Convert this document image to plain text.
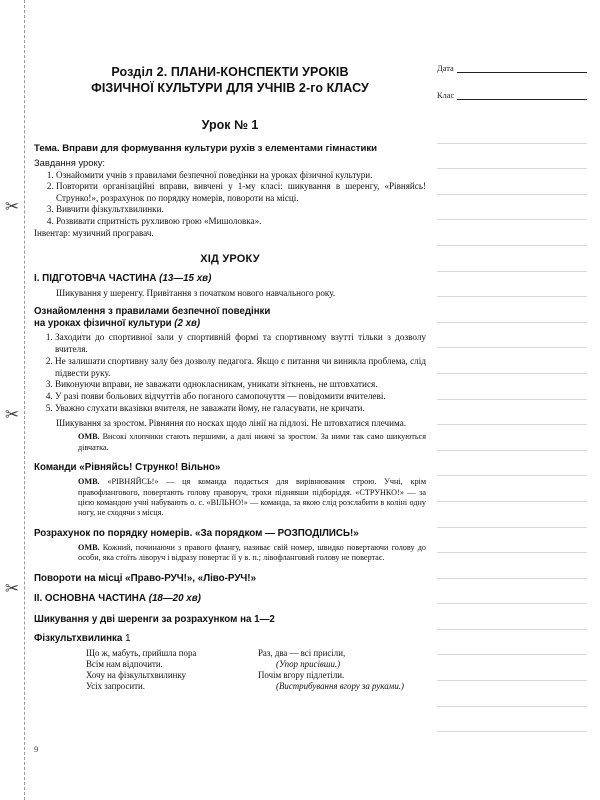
✂
✂
✂
Розділ 2. ПЛАНИ-КОНСПЕКТИ УРОКІВ
ФІЗИЧНОЇ КУЛЬТУРИ ДЛЯ УЧНІВ 2-го КЛАСУ
Урок № 1
Тема. Вправи для формування культури рухів з елементами гімнастики
Завдання уроку:
1. Ознайомити учнів з правилами безпечної поведінки на уроках фізичної культури.
2. Повторити організаційні вправи, вивчені у 1-му класі: шикування в шеренгу, «Рівняйсь! Струнко!», розрахунок по порядку номерів, повороти на місці.
3. Вивчити фізкультхвилинки.
4. Розвивати спритність рухливою грою «Мишоловка».
Інвентар: музичний програвач.
ХІД УРОКУ
І. ПІДГОТОВЧА ЧАСТИНА (13—15 хв)
Шикування у шеренгу. Привітання з початком нового навчального року.
Ознайомлення з правилами безпечної поведінки
на уроках фізичної культури (2 хв)
1. Заходити до спортивної зали у спортивній формі та спортивному взутті тільки з дозволу вчителя.
2. Не залишати спортивну залу без дозволу педагога. Якщо є питання чи виникла проблема, слід підвести руку.
3. Виконуючи вправи, не заважати однокласникам, уникати зіткнень, не штовхатися.
4. У разі появи больових відчуттів або поганого самопочуття — повідомити вчителеві.
5. Уважно слухати вказівки вчителя, не заважати йому, не галасувати, не кричати.
Шикування за зростом. Рівняння по носках щодо лінії на підлозі. Не штовхатися плечима.
ОМВ. Високі хлопчики стають першими, а далі нижчі за зростом. За ними так само шикуються дівчатка.
Команди «Рівняйсь! Струнко! Вільно»
ОМВ. «РІВНЯЙСЬ!» — ця команда подається для вирівнювання строю. Учні, крім правофлангового, повертають голову праворуч, трохи піднявши підборіддя. «СТРУНКО!» — за цією командою учні набувають о. с. «ВІЛЬНО!» — команда, за якою слід розслабити в коліні одну ногу, не сходячи з місця.
Розрахунок по порядку номерів. «За порядком — РОЗПОДІЛИСЬ!»
ОМВ. Кожний, починаючи з правого флангу, називає свій номер, швидко повертаючи голову до особи, яка стоїть ліворуч і відразу повертає її у в. п.; лівофланговий голову не повертає.
Повороти на місці «Право-РУЧ!», «Ліво-РУЧ!»
ІІ. ОСНОВНА ЧАСТИНА (18—20 хв)
Шикування у дві шеренги за розрахунком на 1—2
Фізкультхвилинка 1
Що ж, мабуть, прийшла пора
Всім нам відпочити.
Хочу на фізкультхвилинку
Усіх запросити.
Раз, два — всі присіли,
(Упор присівши.)
Почім вгору підлетіли.
(Вистрибування вгору за руками.)
Дата
Клас
9
